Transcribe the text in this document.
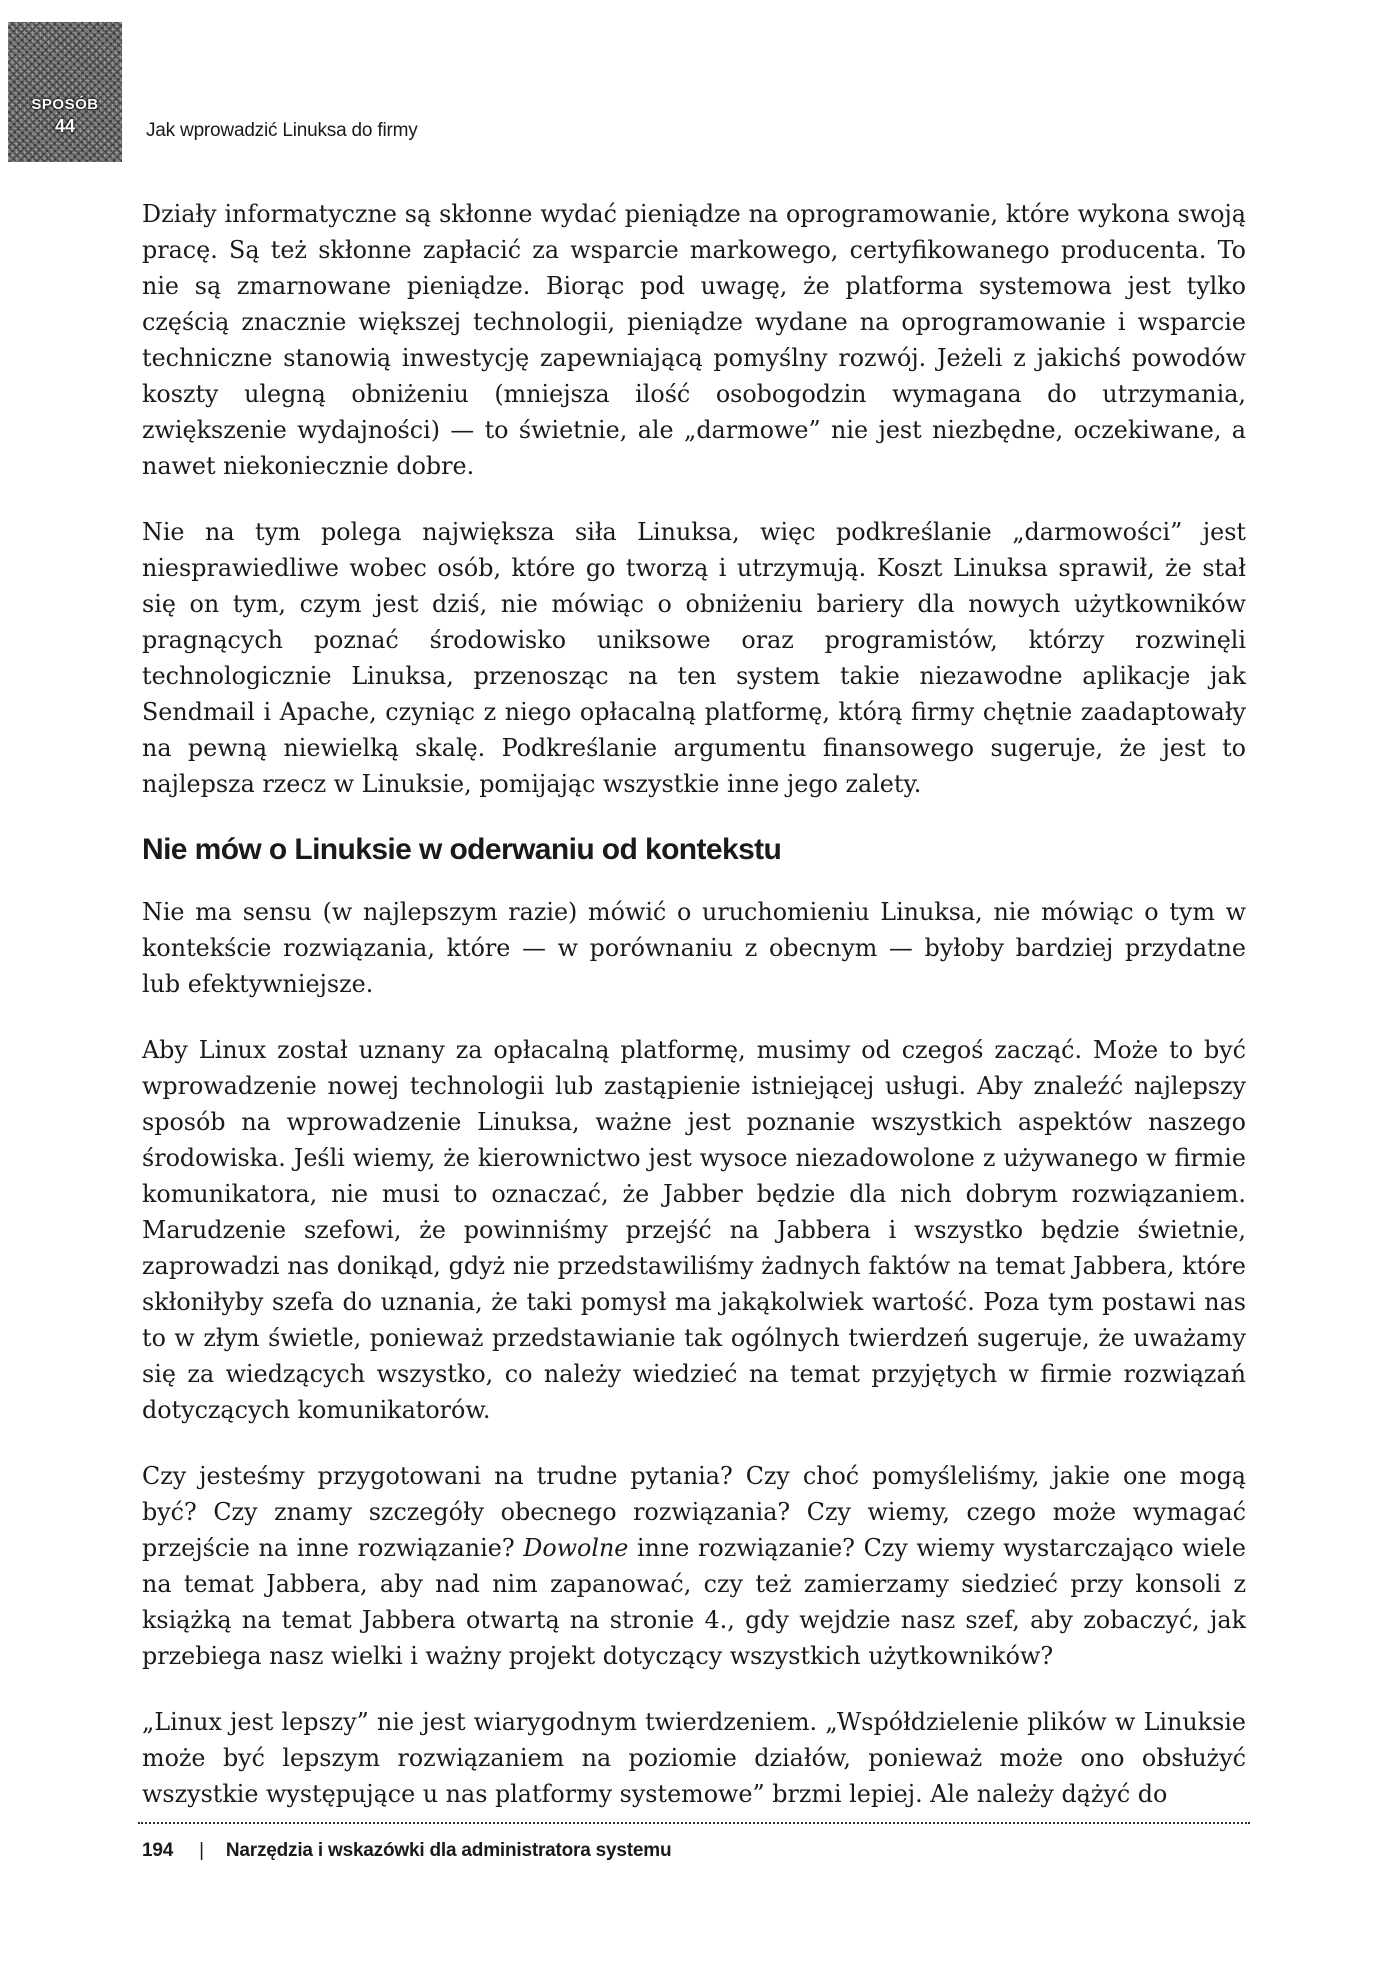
SPOSÓB
44	Jak wprowadzić Linuksa do firmy

Działy informatyczne są skłonne wydać pieniądze na oprogramowanie, które wykona swoją pracę. Są też skłonne zapłacić za wsparcie markowego, certyfikowanego producenta. To nie są zmarnowane pieniądze. Biorąc pod uwagę, że platforma systemowa jest tylko częścią znacznie większej technologii, pieniądze wydane na oprogramowanie i wsparcie techniczne stanowią inwestycję zapewniającą pomyślny rozwój. Jeżeli z jakichś powodów koszty ulegną obniżeniu (mniejsza ilość osobogodzin wymagana do utrzymania, zwiększenie wydajności) — to świetnie, ale „darmowe” nie jest niezbędne, oczekiwane, a nawet niekoniecznie dobre.

Nie na tym polega największa siła Linuksa, więc podkreślanie „darmowości” jest niesprawiedliwe wobec osób, które go tworzą i utrzymują. Koszt Linuksa sprawił, że stał się on tym, czym jest dziś, nie mówiąc o obniżeniu bariery dla nowych użytkowników pragnących poznać środowisko uniksowe oraz programistów, którzy rozwinęli technologicznie Linuksa, przenosząc na ten system takie niezawodne aplikacje jak Sendmail i Apache, czyniąc z niego opłacalną platformę, którą firmy chętnie zaadaptowały na pewną niewielką skalę. Podkreślanie argumentu finansowego sugeruje, że jest to najlepsza rzecz w Linuksie, pomijając wszystkie inne jego zalety.

Nie mów o Linuksie w oderwaniu od kontekstu

Nie ma sensu (w najlepszym razie) mówić o uruchomieniu Linuksa, nie mówiąc o tym w kontekście rozwiązania, które — w porównaniu z obecnym — byłoby bardziej przydatne lub efektywniejsze.

Aby Linux został uznany za opłacalną platformę, musimy od czegoś zacząć. Może to być wprowadzenie nowej technologii lub zastąpienie istniejącej usługi. Aby znaleźć najlepszy sposób na wprowadzenie Linuksa, ważne jest poznanie wszystkich aspektów naszego środowiska. Jeśli wiemy, że kierownictwo jest wysoce niezadowolone z używanego w firmie komunikatora, nie musi to oznaczać, że Jabber będzie dla nich dobrym rozwiązaniem. Marudzenie szefowi, że powinniśmy przejść na Jabbera i wszystko będzie świetnie, zaprowadzi nas donikąd, gdyż nie przedstawiliśmy żadnych faktów na temat Jabbera, które skłoniłyby szefa do uznania, że taki pomysł ma jakąkolwiek wartość. Poza tym postawi nas to w złym świetle, ponieważ przedstawianie tak ogólnych twierdzeń sugeruje, że uważamy się za wiedzących wszystko, co należy wiedzieć na temat przyjętych w firmie rozwiązań dotyczących komunikatorów.

Czy jesteśmy przygotowani na trudne pytania? Czy choć pomyśleliśmy, jakie one mogą być? Czy znamy szczegóły obecnego rozwiązania? Czy wiemy, czego może wymagać przejście na inne rozwiązanie? Dowolne inne rozwiązanie? Czy wiemy wystarczająco wiele na temat Jabbera, aby nad nim zapanować, czy też zamierzamy siedzieć przy konsoli z książką na temat Jabbera otwartą na stronie 4., gdy wejdzie nasz szef, aby zobaczyć, jak przebiega nasz wielki i ważny projekt dotyczący wszystkich użytkowników?

„Linux jest lepszy” nie jest wiarygodnym twierdzeniem. „Współdzielenie plików w Linuksie może być lepszym rozwiązaniem na poziomie działów, ponieważ może ono obsłużyć wszystkie występujące u nas platformy systemowe” brzmi lepiej. Ale należy dążyć do

194 | Narzędzia i wskazówki dla administratora systemu
